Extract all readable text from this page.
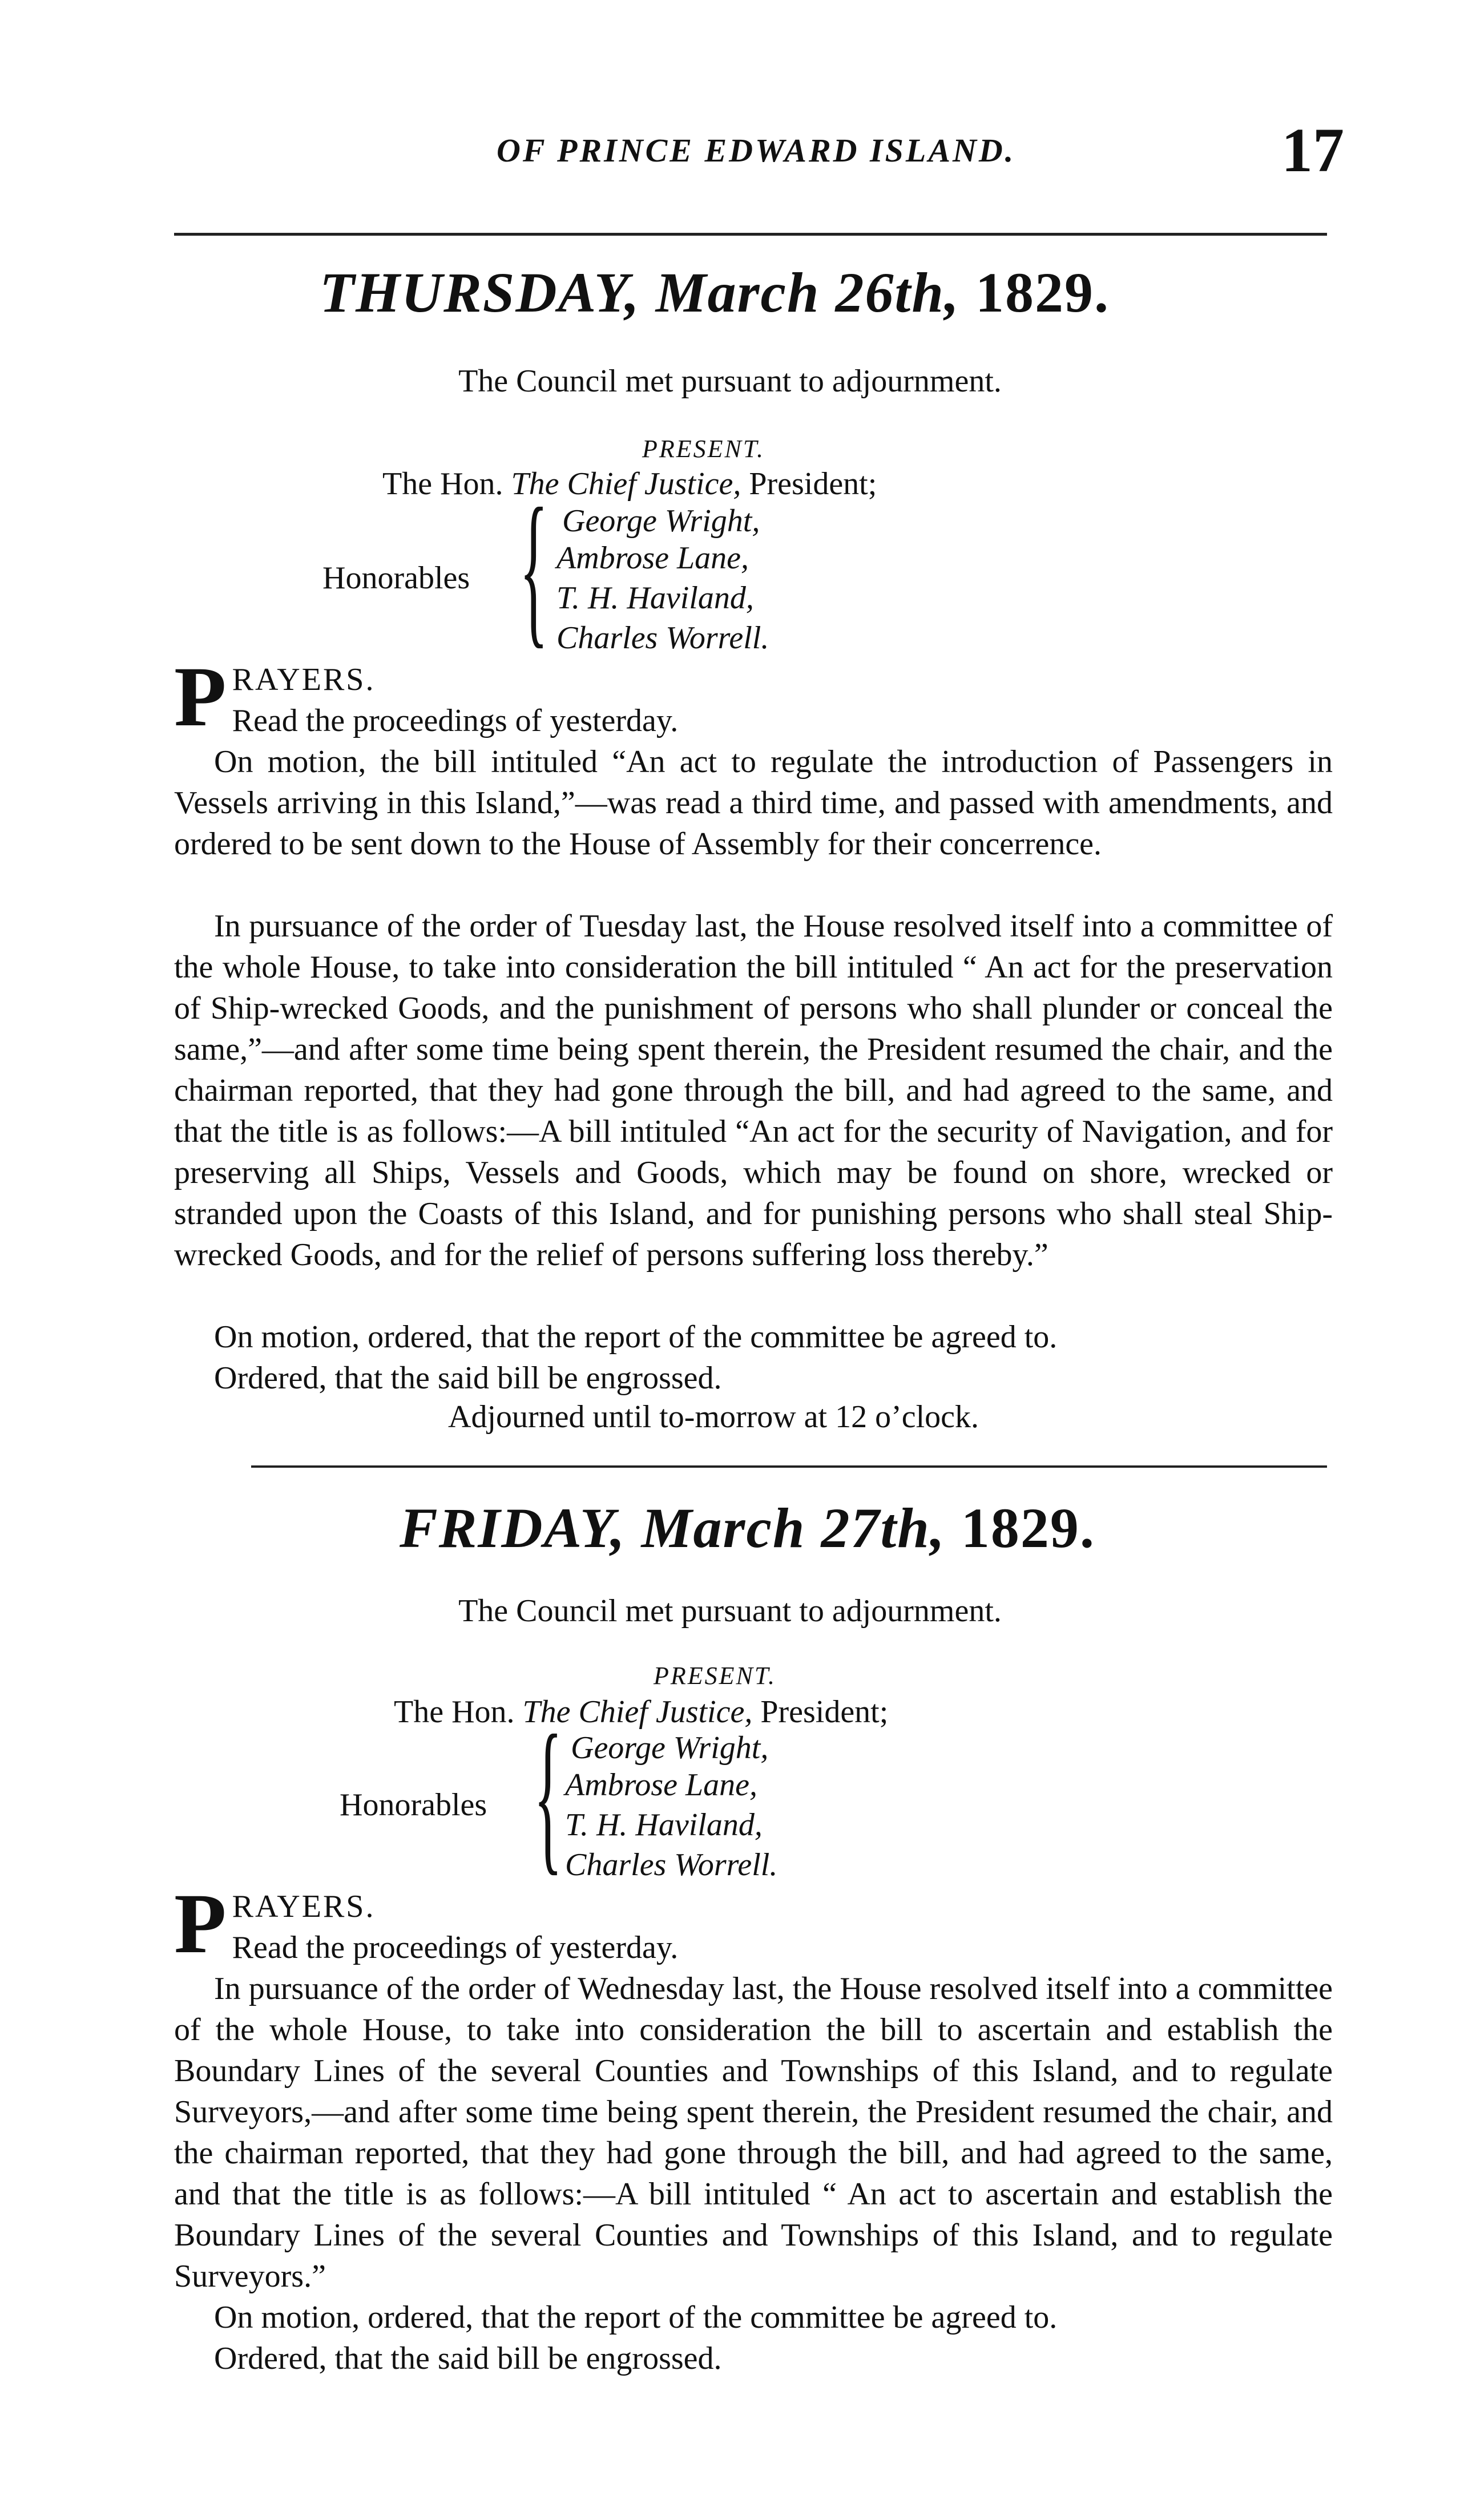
OF PRINCE EDWARD ISLAND.	17
THURSDAY, March 26th, 1829.
The Council met pursuant to adjournment.
PRESENT.
The Hon. The Chief Justice, President;
Honorables { George Wright,
Ambrose Lane,
T. H. Haviland,
Charles Worrell.
P RAYERS.
Read the proceedings of yesterday.
On motion, the bill intituled “An act to regulate the introduction of Passengers in Vessels arriving in this Island,”—was read a third time, and passed with amendments, and ordered to be sent down to the House of Assembly for their concerrence.
In pursuance of the order of Tuesday last, the House resolved itself into a committee of the whole House, to take into consideration the bill intituled “ An act for the preservation of Ship-wrecked Goods, and the punishment of persons who shall plunder or conceal the same,”—and after some time being spent therein, the President resumed the chair, and the chairman reported, that they had gone through the bill, and had agreed to the same, and that the title is as follows:—A bill intituled “An act for the security of Navigation, and for preserving all Ships, Vessels and Goods, which may be found on shore, wrecked or stranded upon the Coasts of this Island, and for punishing persons who shall steal Ship-wrecked Goods, and for the relief of persons suffering loss thereby.”
On motion, ordered, that the report of the committee be agreed to.
Ordered, that the said bill be engrossed.
Adjourned until to-morrow at 12 o’clock.
FRIDAY, March 27th, 1829.
The Council met pursuant to adjournment.
PRESENT.
The Hon. The Chief Justice, President;
Honorables { George Wright,
Ambrose Lane,
T. H. Haviland,
Charles Worrell.
P RAYERS.
Read the proceedings of yesterday.
In pursuance of the order of Wednesday last, the House resolved itself into a committee of the whole House, to take into consideration the bill to ascertain and establish the Boundary Lines of the several Counties and Townships of this Island, and to regulate Surveyors,—and after some time being spent therein, the President resumed the chair, and the chairman reported, that they had gone through the bill, and had agreed to the same, and that the title is as follows:—A bill intituled “ An act to ascertain and establish the Boundary Lines of the several Counties and Townships of this Island, and to regulate Surveyors.”
On motion, ordered, that the report of the committee be agreed to.
Ordered, that the said bill be engrossed.
